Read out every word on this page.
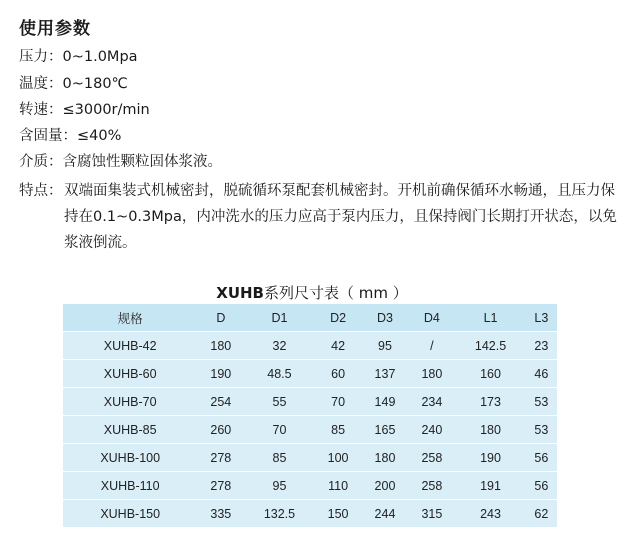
使用参数
压力：0~1.0Mpa
温度：0~180℃
转速：≤3000r/min
含固量：≤40%
介质：含腐蚀性颗粒固体浆液。
特点： 双端面集装式机械密封，脱硫循环泵配套机械密封。开机前确保循环水畅通，且压力保持在0.1~0.3Mpa，内冲洗水的压力应高于泵内压力，且保持阀门长期打开状态，以免浆液倒流。
XUHB系列尺寸表（ mm ）
规格	D	D1	D2	D3	D4	L1	L3
XUHB-42	180	32	42	95	/	142.5	23
XUHB-60	190	48.5	60	137	180	160	46
XUHB-70	254	55	70	149	234	173	53
XUHB-85	260	70	85	165	240	180	53
XUHB-100	278	85	100	180	258	190	56
XUHB-110	278	95	110	200	258	191	56
XUHB-150	335	132.5	150	244	315	243	62
